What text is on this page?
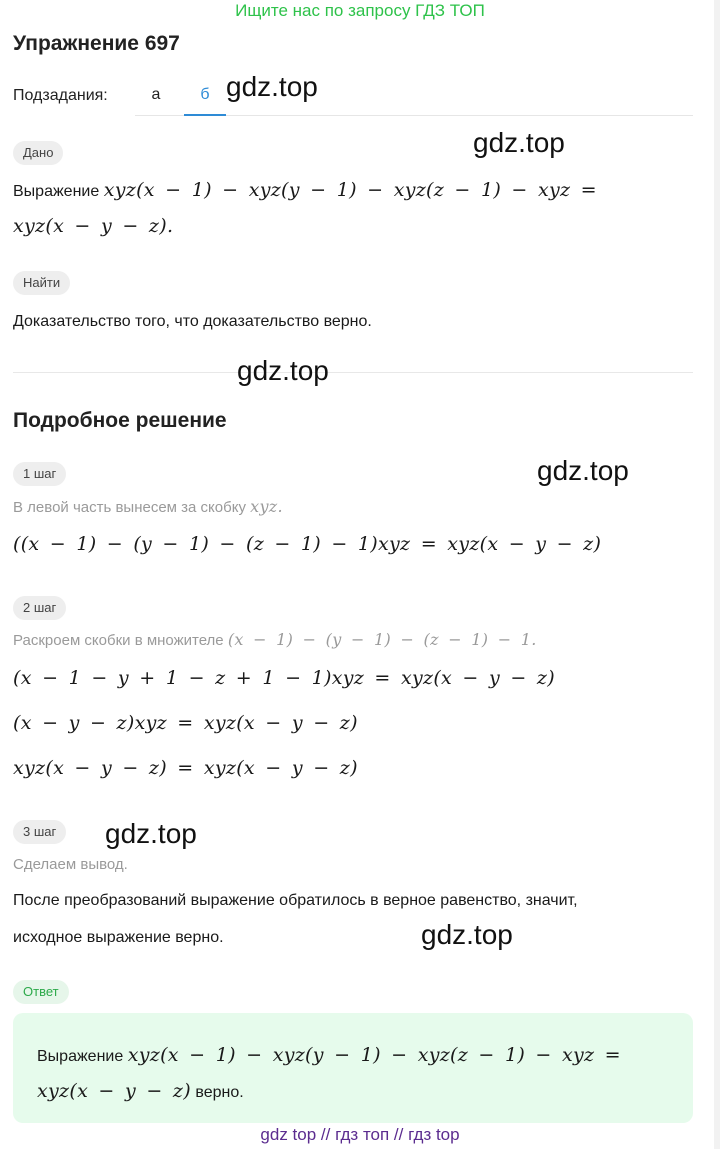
Ищите нас по запросу ГДЗ ТОП
Упражнение 697
Подзадания:	а	б gdz.top
gdz.top
Дано
Выражение xyz(x − 1) − xyz(y − 1) − xyz(z − 1) − xyz =
xyz(x − y − z).
Найти
Доказательство того, что доказательство верно.
gdz.top
Подробное решение
1 шаг	gdz.top
В левой часть вынесем за скобку xyz.
((x − 1) − (y − 1) − (z − 1) − 1)xyz = xyz(x − y − z)
2 шаг
Раскроем скобки в множителе (x − 1) − (y − 1) − (z − 1) − 1.
(x − 1 − y + 1 − z + 1 − 1)xyz = xyz(x − y − z)
(x − y − z)xyz = xyz(x − y − z)
xyz(x − y − z) = xyz(x − y − z)
3 шаг	gdz.top
Сделаем вывод.
После преобразований выражение обратилось в верное равенство, значит,
исходное выражение верно.	gdz.top
Ответ
Выражение xyz(x − 1) − xyz(y − 1) − xyz(z − 1) − xyz =
xyz(x − y − z) верно.
gdz top // гдз топ // гдз top
